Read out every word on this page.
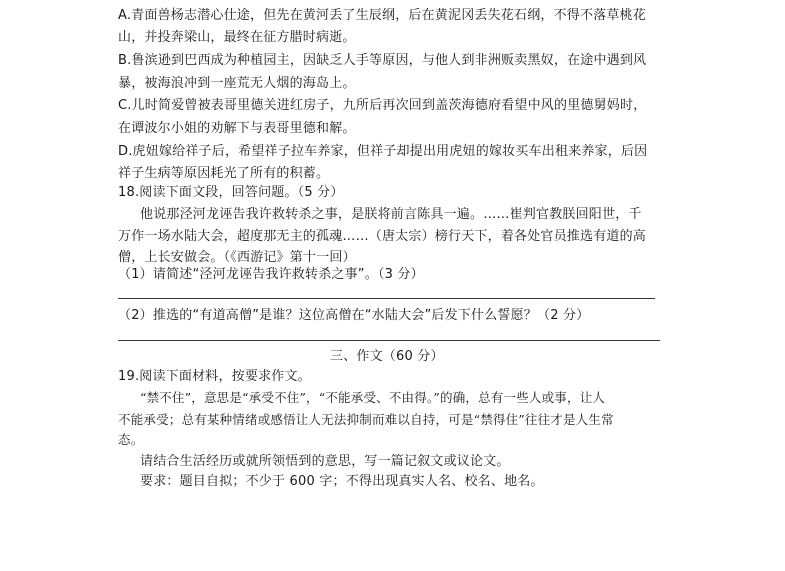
A.青面兽杨志潜心仕途，但先在黄河丢了生辰纲，后在黄泥冈丢失花石纲，不得不落草桃花
山，并投奔梁山，最终在征方腊时病逝。
B.鲁滨逊到巴西成为种植园主，因缺乏人手等原因，与他人到非洲贩卖黑奴，在途中遇到风
暴，被海浪冲到一座荒无人烟的海岛上。
C.儿时简爱曾被表哥里德关进红房子，九所后再次回到盖茨海德府看望中风的里德舅妈时，
在谭波尔小姐的劝解下与表哥里德和解。
D.虎妞嫁给祥子后，希望祥子拉车养家，但祥子却提出用虎妞的嫁妆买车出租来养家，后因
祥子生病等原因耗光了所有的积蓄。
18.阅读下面文段，回答问题。（5 分）
他说那泾河龙诬告我许救转杀之事，是朕将前言陈具一遍。……崔判官教朕回阳世，千
万作一场水陆大会，超度那无主的孤魂……（唐太宗）榜行天下，着各处官员推选有道的高
僧，上长安做会。（《西游记》第十一回）
（1）请简述“泾河龙诬告我许救转杀之事”。（3 分）
（2）推选的“有道高僧”是谁？这位高僧在“水陆大会”后发下什么誓愿？（2 分）
三、作文（60 分）
19.阅读下面材料，按要求作文。
“禁不住”，意思是“承受不住”，“不能承受、不由得。”的确，总有一些人或事，让人
不能承受；总有某种情绪或感悟让人无法抑制而难以自持，可是“禁得住”往往才是人生常
态。
请结合生活经历或就所领悟到的意思，写一篇记叙文或议论文。
要求：题目自拟；不少于 600 字；不得出现真实人名、校名、地名。
